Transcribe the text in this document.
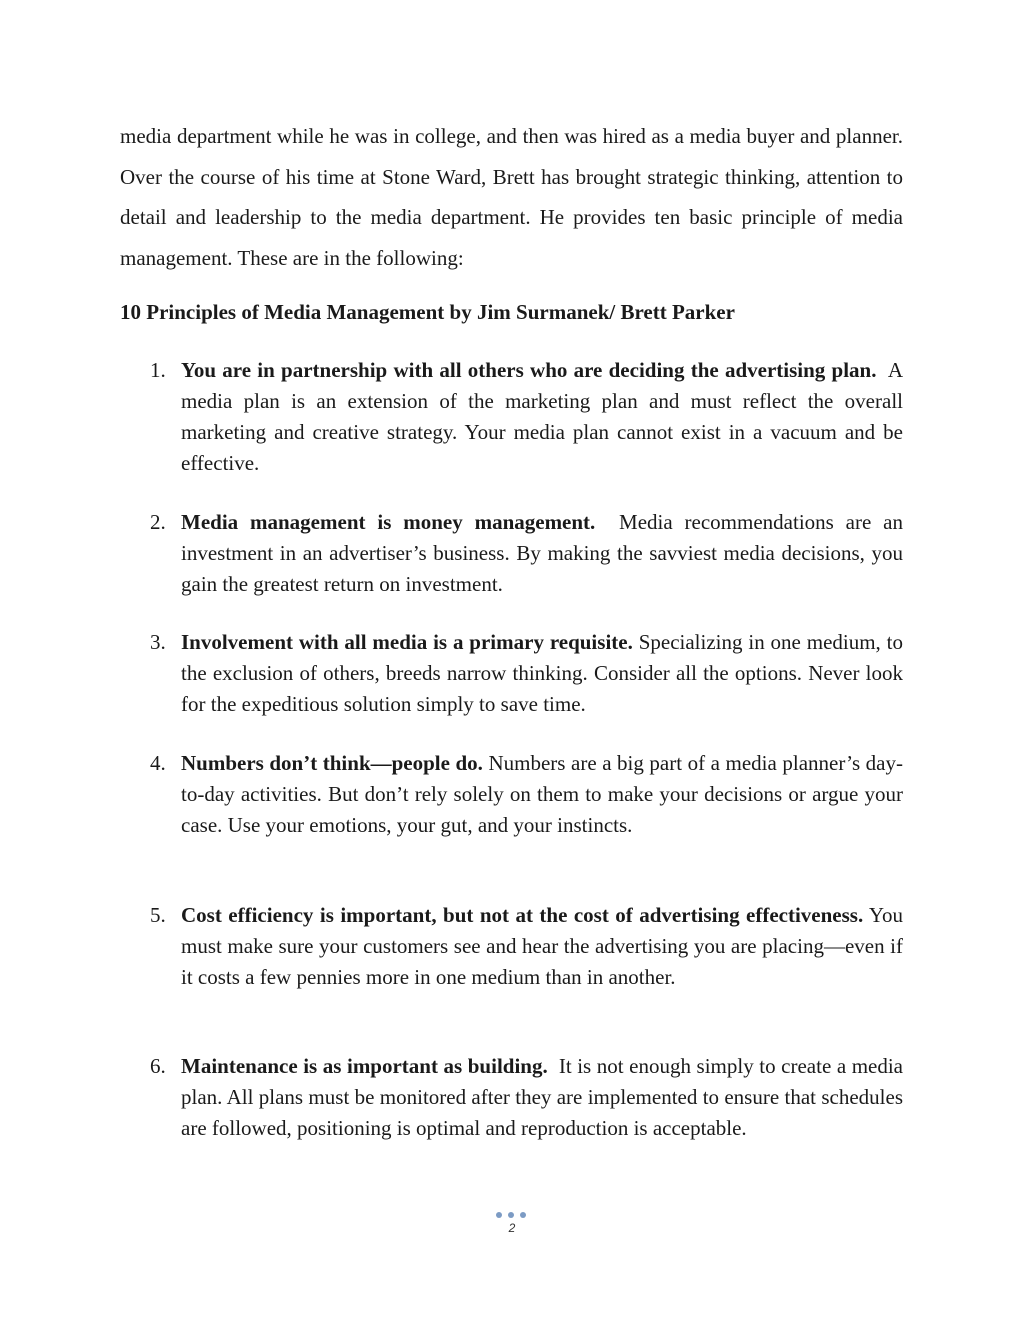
media department while he was in college, and then was hired as a media buyer and planner. Over the course of his time at Stone Ward, Brett has brought strategic thinking, attention to detail and leadership to the media department. He provides ten basic principle of media management. These are in the following:

10 Principles of Media Management by Jim Surmanek/ Brett Parker
1. You are in partnership with all others who are deciding the advertising plan. A media plan is an extension of the marketing plan and must reflect the overall marketing and creative strategy. Your media plan cannot exist in a vacuum and be effective.
2. Media management is money management. Media recommendations are an investment in an advertiser’s business. By making the savviest media decisions, you gain the greatest return on investment.
3. Involvement with all media is a primary requisite. Specializing in one medium, to the exclusion of others, breeds narrow thinking. Consider all the options. Never look for the expeditious solution simply to save time.
4. Numbers don’t think—people do. Numbers are a big part of a media planner’s day-to-day activities. But don’t rely solely on them to make your decisions or argue your case. Use your emotions, your gut, and your instincts.
5. Cost efficiency is important, but not at the cost of advertising effectiveness. You must make sure your customers see and hear the advertising you are placing—even if it costs a few pennies more in one medium than in another.
6. Maintenance is as important as building. It is not enough simply to create a media plan. All plans must be monitored after they are implemented to ensure that schedules are followed, positioning is optimal and reproduction is acceptable.
2
